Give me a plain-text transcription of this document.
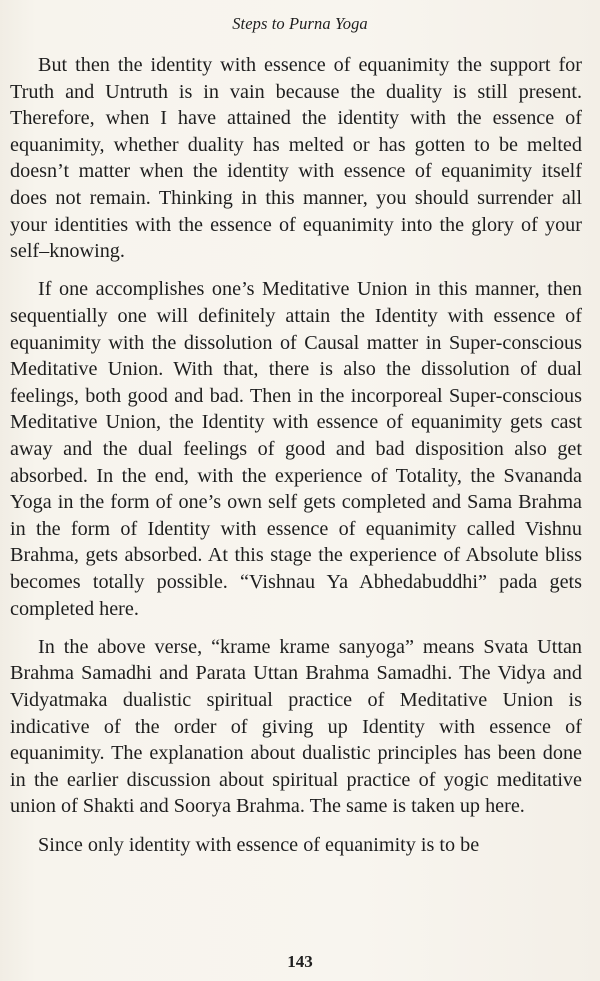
Steps to Purna Yoga

But then the identity with essence of equanimity the support for Truth and Untruth is in vain because the duality is still present. Therefore, when I have attained the identity with the essence of equanimity, whether duality has melted or has gotten to be melted doesn’t matter when the identity with essence of equanimity itself does not remain. Thinking in this manner, you should surrender all your identities with the essence of equanimity into the glory of your self–knowing.

If one accomplishes one’s Meditative Union in this manner, then sequentially one will definitely attain the Identity with essence of equanimity with the dissolution of Causal matter in Super-conscious Meditative Union. With that, there is also the dissolution of dual feelings, both good and bad. Then in the incorporeal Super-conscious Meditative Union, the Identity with essence of equanimity gets cast away and the dual feelings of good and bad disposition also get absorbed. In the end, with the experience of Totality, the Svananda Yoga in the form of one’s own self gets completed and Sama Brahma in the form of Identity with essence of equanimity called Vishnu Brahma, gets absorbed. At this stage the experience of Absolute bliss becomes totally possible. “Vishnau Ya Abhedabuddhi” pada gets completed here.

In the above verse, “krame krame sanyoga” means Svata Uttan Brahma Samadhi and Parata Uttan Brahma Samadhi. The Vidya and Vidyatmaka dualistic spiritual practice of Meditative Union is indicative of the order of giving up Identity with essence of equanimity. The explanation about dualistic principles has been done in the earlier discussion about spiritual practice of yogic meditative union of Shakti and Soorya Brahma. The same is taken up here.

Since only identity with essence of equanimity is to be

143
